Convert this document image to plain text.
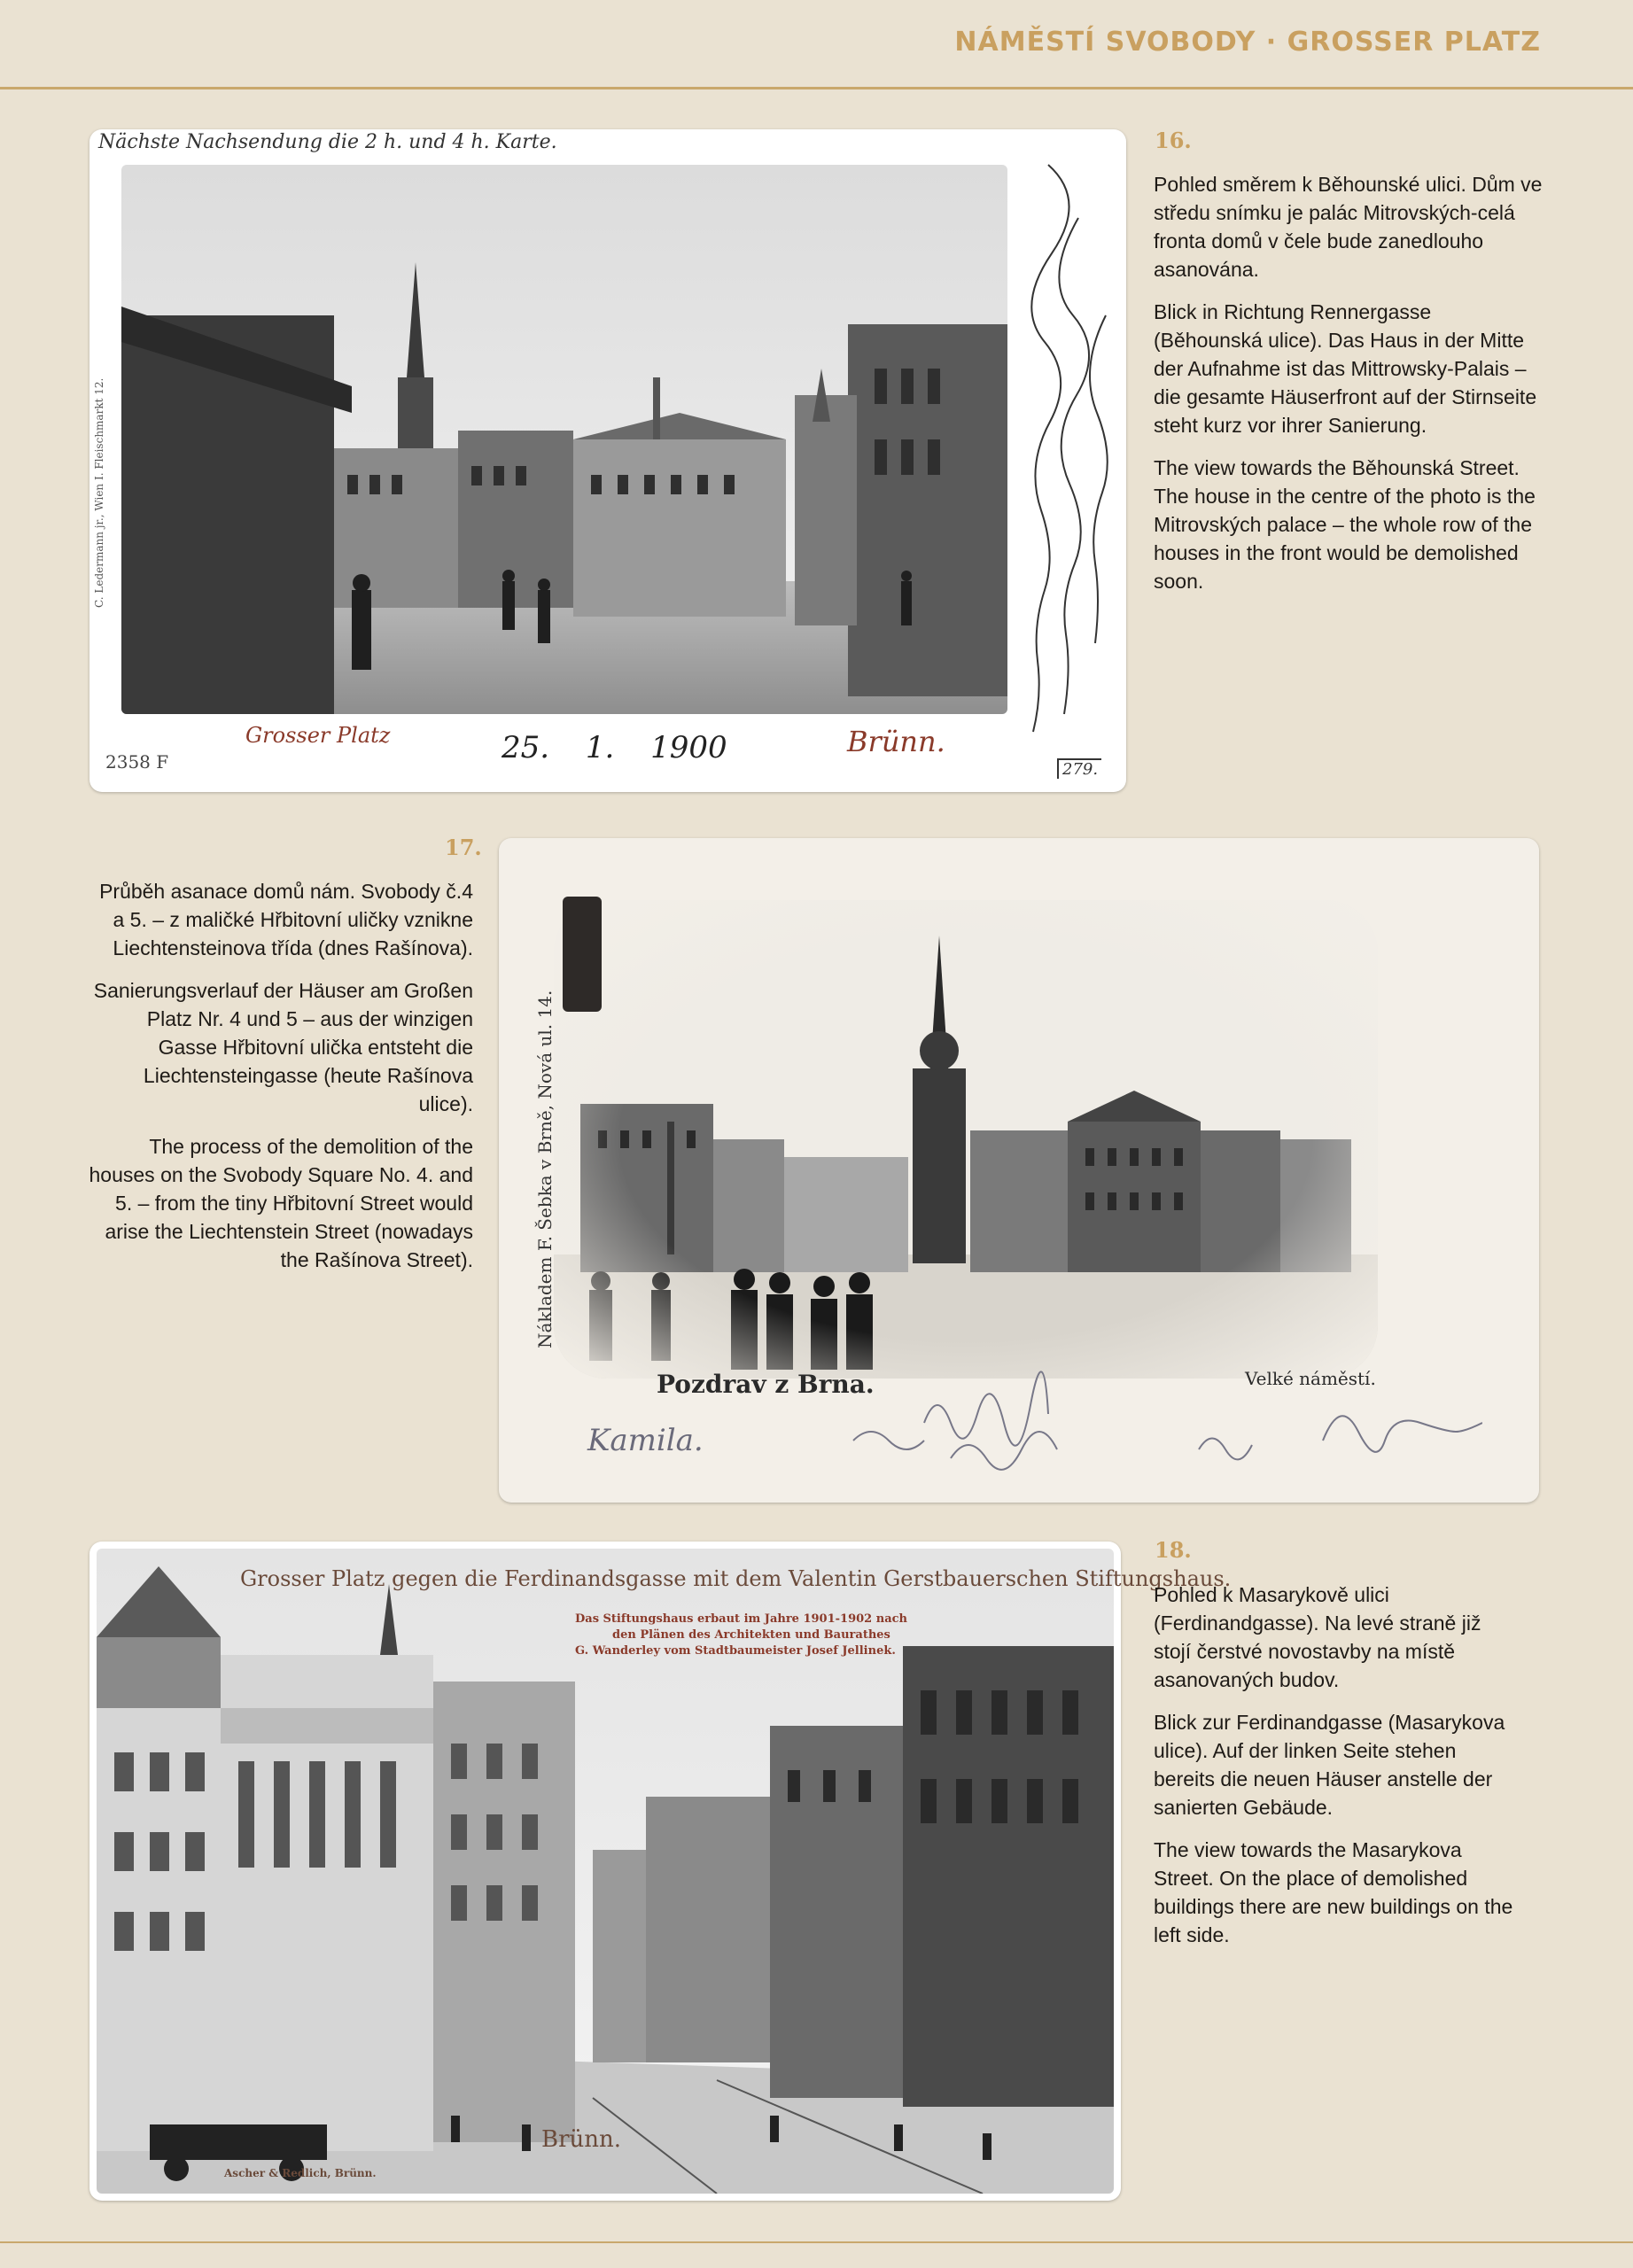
NÁMĚSTÍ SVOBODY · GROSSER PLATZ
C. Ledermann jr., Wien I. Fleischmarkt 12.
Nächste Nachsendung die 2 h. und 4 h. Karte.
Grosser Platz	25. 1. 1900	Brünn.
2358 F	279.
16.

Pohled směrem k Běhounské ulici. Dům ve středu snímku je palác Mitrovských-celá fronta domů v čele bude zanedlouho asanována.

Blick in Richtung Rennergasse (Běhounská ulice). Das Haus in der Mitte der Aufnahme ist das Mittrowsky-Palais – die gesamte Häuserfront auf der Stirnseite steht kurz vor ihrer Sanierung.

The view towards the Běhounská Street. The house in the centre of the photo is the Mitrovských palace – the whole row of the houses in the front would be demolished soon.

17.

Průběh asanace domů nám. Svobody č.4 a 5. – z maličké Hřbitovní uličky vznikne Liechtensteinova třída (dnes Rašínova).

Sanierungsverlauf der Häuser am Großen Platz Nr. 4 und 5 – aus der winzigen Gasse Hřbitovní ulička entsteht die Liechtensteingasse (heute Rašínova ulice).

The process of the demolition of the houses on the Svobody Square No. 4. and 5. – from the tiny Hřbitovní Street would arise the Liechtenstein Street (nowadays the Rašínova Street).	Nákladem F. Šebka v Brně, Nová ul. 14.
Pozdrav z Brna.	Velké náměstí.
Kamila.
Grosser Platz gegen die Ferdinandsgasse mit dem Valentin Gerstbauerschen Stiftungshaus.
Das Stiftungshaus erbaut im Jahre 1901-1902 nach
den Plänen des Architekten und Baurathes
G. Wanderley vom Stadtbaumeister Josef Jellinek.
Brünn.
Ascher & Redlich, Brünn.
18.

Pohled k Masarykově ulici (Ferdinandgasse). Na levé straně již stojí čerstvé novostavby na místě asanovaných budov.

Blick zur Ferdinandgasse (Masarykova ulice). Auf der linken Seite stehen bereits die neuen Häuser anstelle der sanierten Gebäude.

The view towards the Masarykova Street. On the place of demolished buildings there are new buildings on the left side.
